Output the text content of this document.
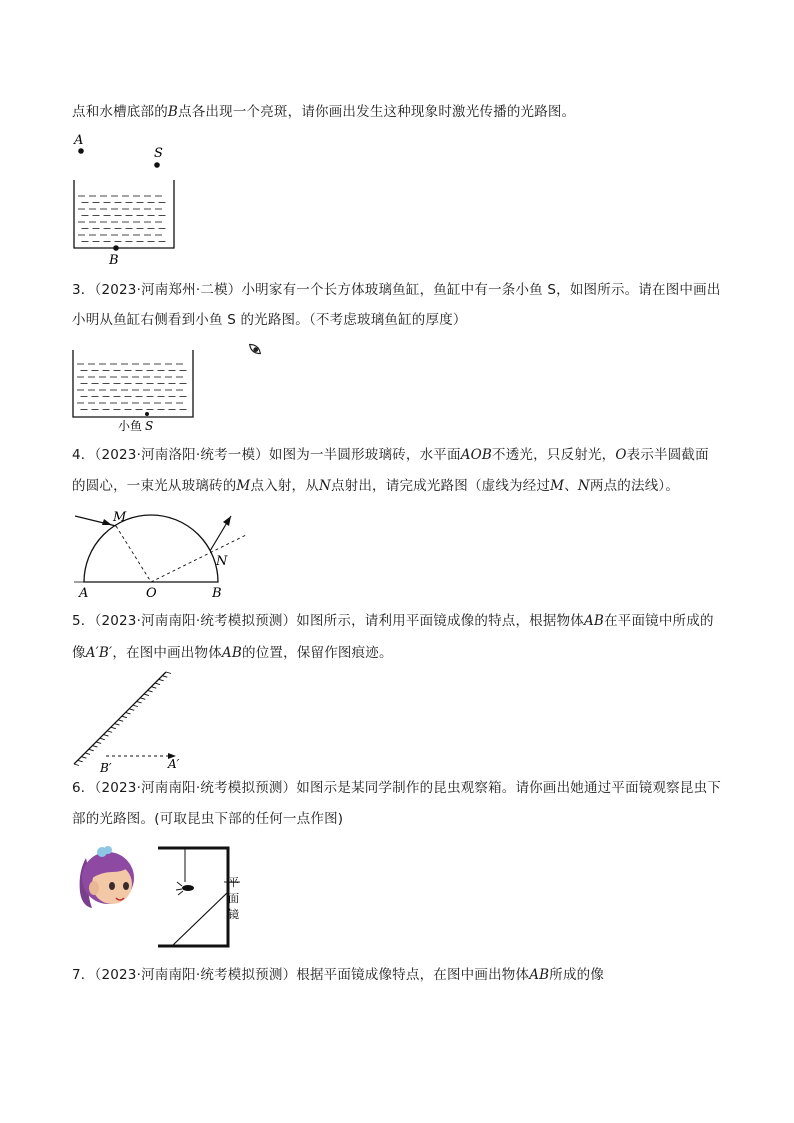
点和水槽底部的B点各出现一个亮斑，请你画出发生这种现象时激光传播的光路图。
A
S
B
3．（2023·河南郑州·二模）小明家有一个长方体玻璃鱼缸，鱼缸中有一条小鱼 S，如图所示。请在图中画出
小明从鱼缸右侧看到小鱼 S 的光路图。（不考虑玻璃鱼缸的厚度）
小鱼 S
4．（2023·河南洛阳·统考一模）如图为一半圆形玻璃砖，水平面AOB不透光，只反射光，O表示半圆截面
的圆心，一束光从玻璃砖的M点入射，从N点射出，请完成光路图（虚线为经过M、N两点的法线）。
M
N
A	O	B
5．（2023·河南南阳·统考模拟预测）如图所示，请利用平面镜成像的特点，根据物体AB在平面镜中所成的
像A′B′，在图中画出物体AB的位置，保留作图痕迹。
B′	A′
6．（2023·河南南阳·统考模拟预测）如图示是某同学制作的昆虫观察箱。请你画出她通过平面镜观察昆虫下
部的光路图。(可取昆虫下部的任何一点作图)
平
面
镜
7．（2023·河南南阳·统考模拟预测）根据平面镜成像特点，在图中画出物体AB所成的像
